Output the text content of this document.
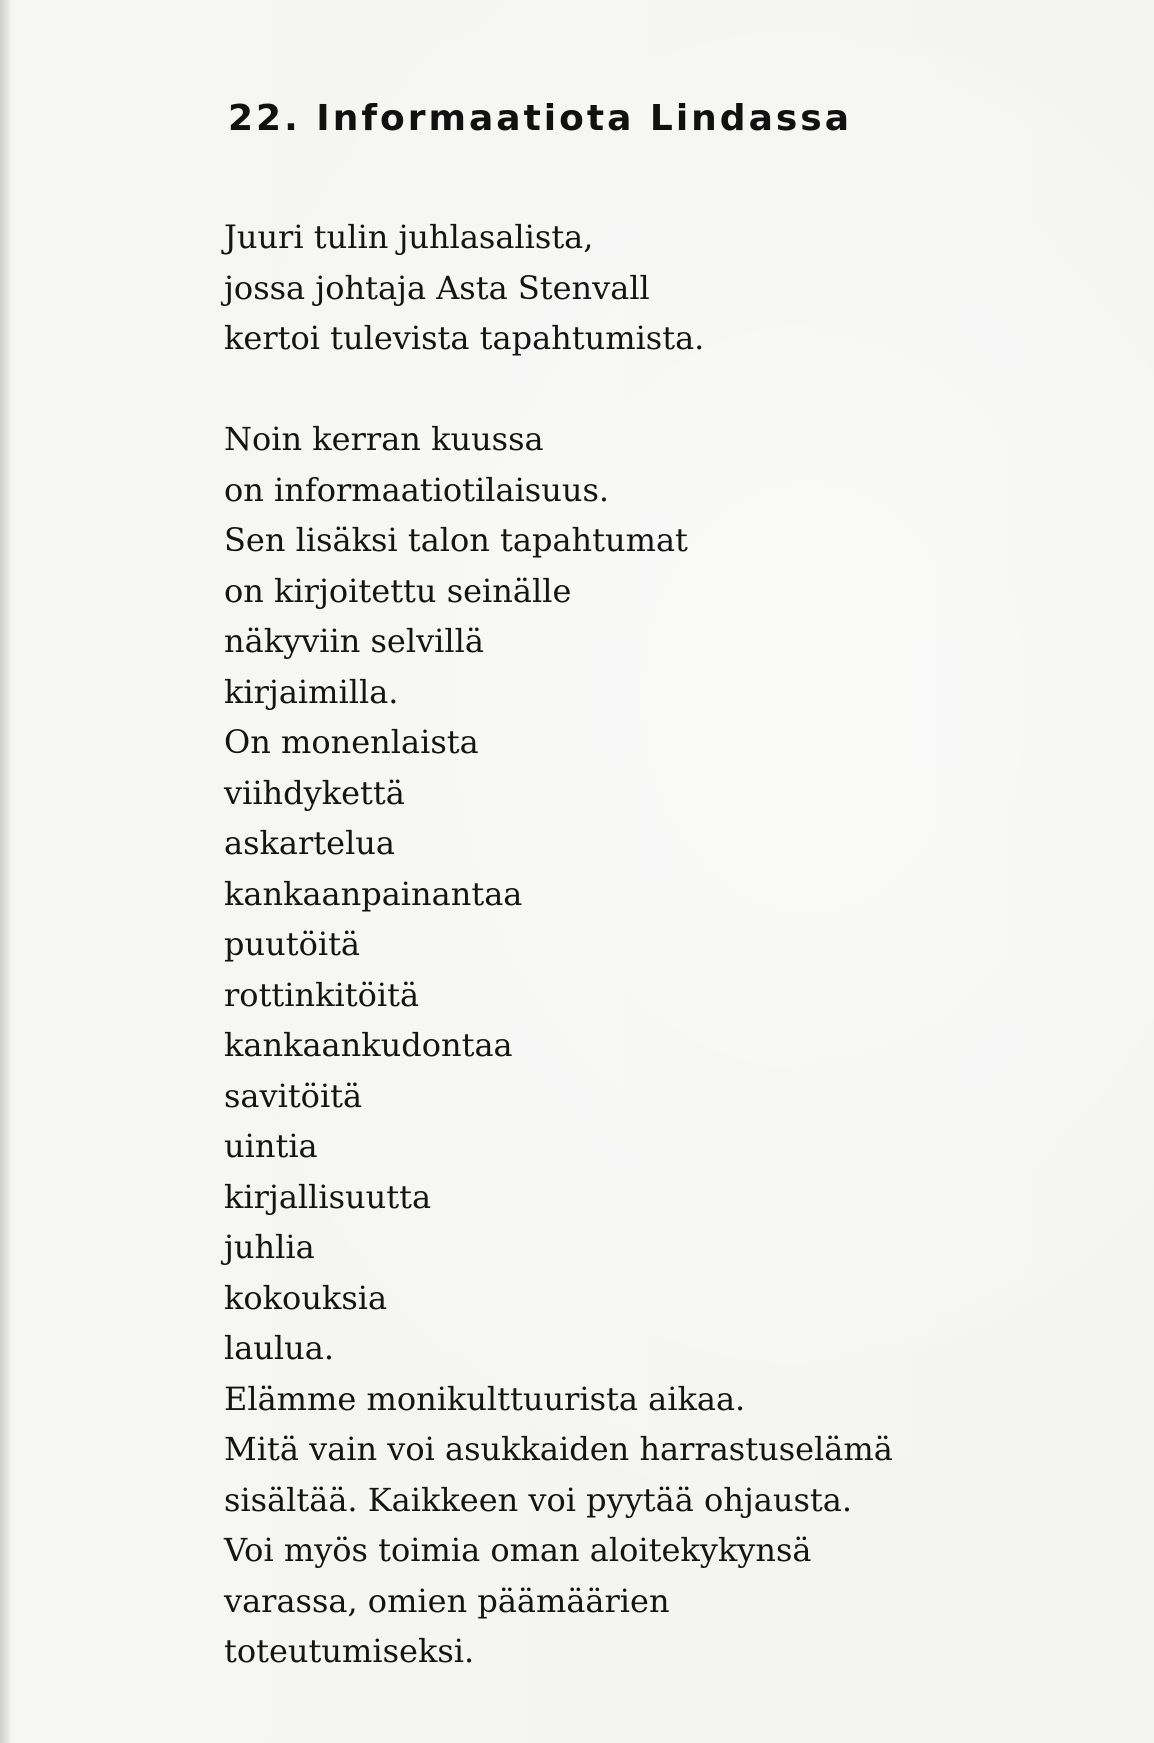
22. Informaatiota Lindassa
Juuri tulin juhlasalista,
jossa johtaja Asta Stenvall
kertoi tulevista tapahtumista.
Noin kerran kuussa
on informaatiotilaisuus.
Sen lisäksi talon tapahtumat
on kirjoitettu seinälle
näkyviin selvillä
kirjaimilla.
On monenlaista
viihdykettä
askartelua
kankaanpainantaa
puutöitä
rottinkitöitä
kankaankudontaa
savitöitä
uintia
kirjallisuutta
juhlia
kokouksia
laulua.
Elämme monikulttuurista aikaa.
Mitä vain voi asukkaiden harrastuselämä
sisältää. Kaikkeen voi pyytää ohjausta.
Voi myös toimia oman aloitekykynsä
varassa, omien päämäärien
toteutumiseksi.
